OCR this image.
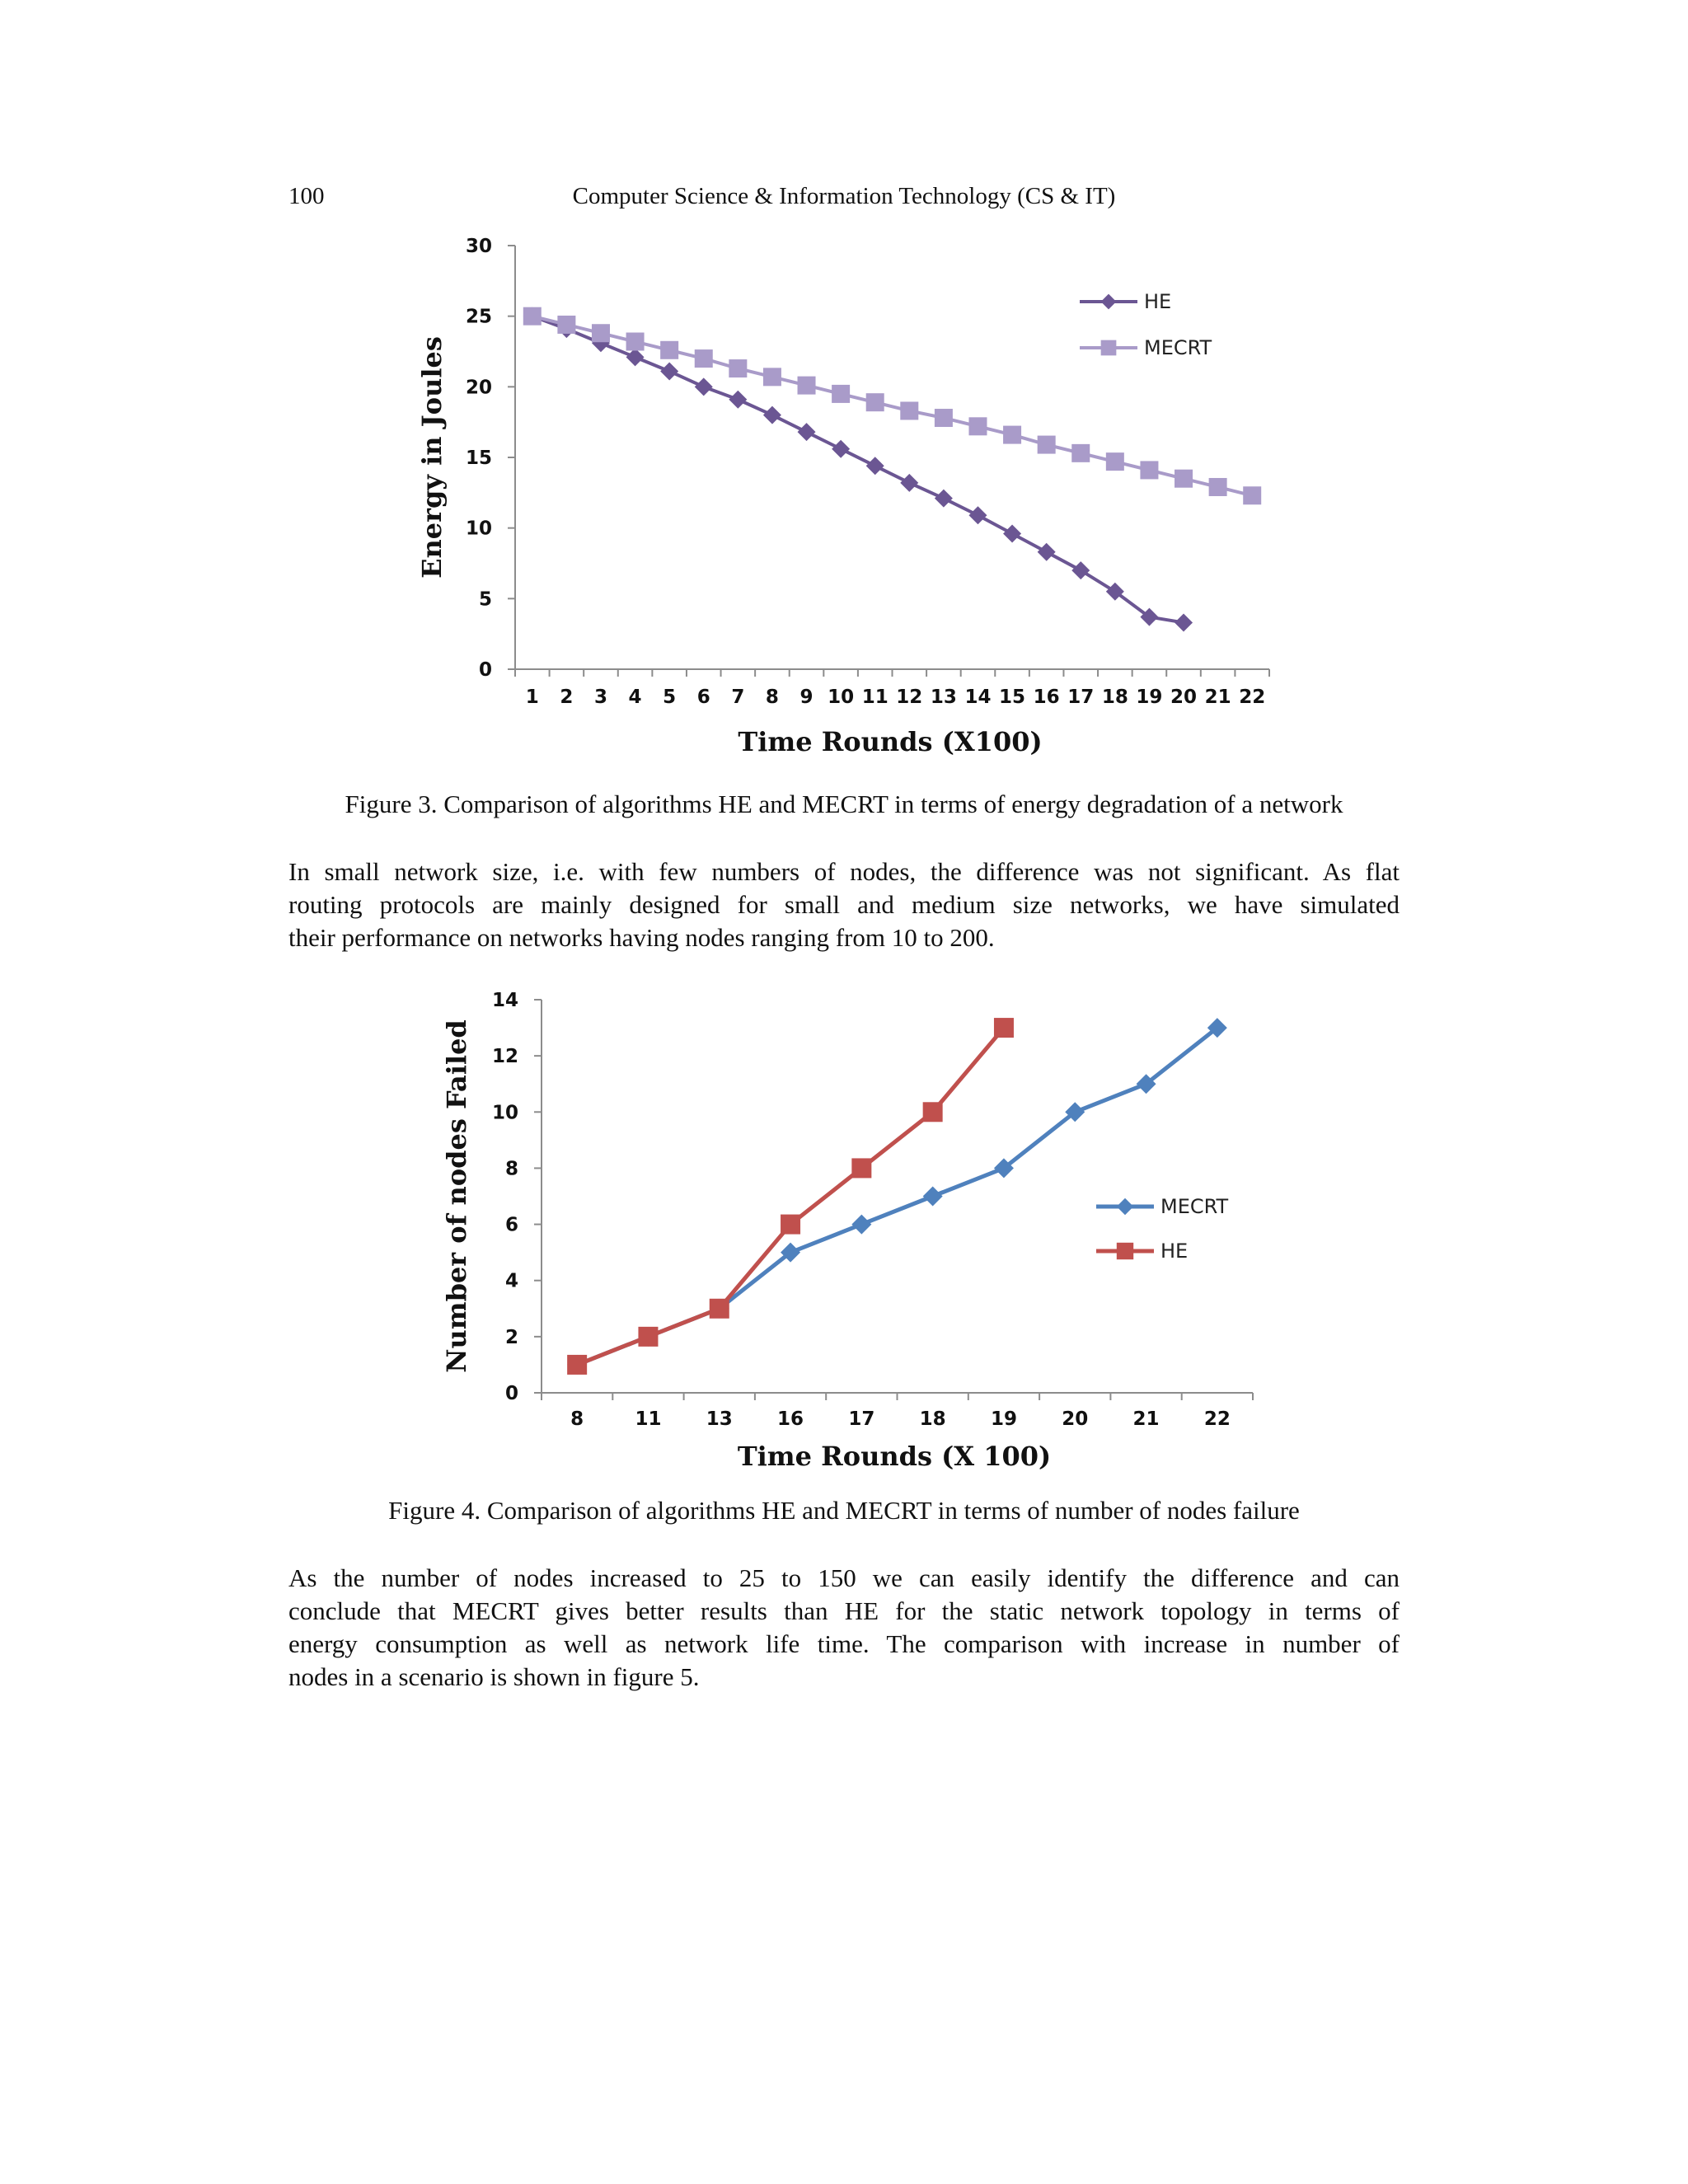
100	Computer Science & Information Technology (CS & IT)
0
5
10
15
20
25
30
1 2 3 4 5 6 7 8 9 10 11 12 13 14 15 16 17 18 19 20 21 22
Time Rounds (X100)
Energy in Joules
HE
MECRT
Figure 3. Comparison of algorithms HE and MECRT in terms of energy degradation of a network
In small network size, i.e. with few numbers of nodes, the difference was not significant. As flat
routing protocols are mainly designed for small and medium size networks, we have simulated
their performance on networks having nodes ranging from 10 to 200.
0
2
4
6
8
10
12
14
8	11 13 16 17 18 19 20 21 22
Time Rounds (X 100)
Number of nodes Failed	MECRT
HE
Figure 4. Comparison of algorithms HE and MECRT in terms of number of nodes failure
As the number of nodes increased to 25 to 150 we can easily identify the difference and can
conclude that MECRT gives better results than HE for the static network topology in terms of
energy consumption as well as network life time. The comparison with increase in number of
nodes in a scenario is shown in figure 5.
